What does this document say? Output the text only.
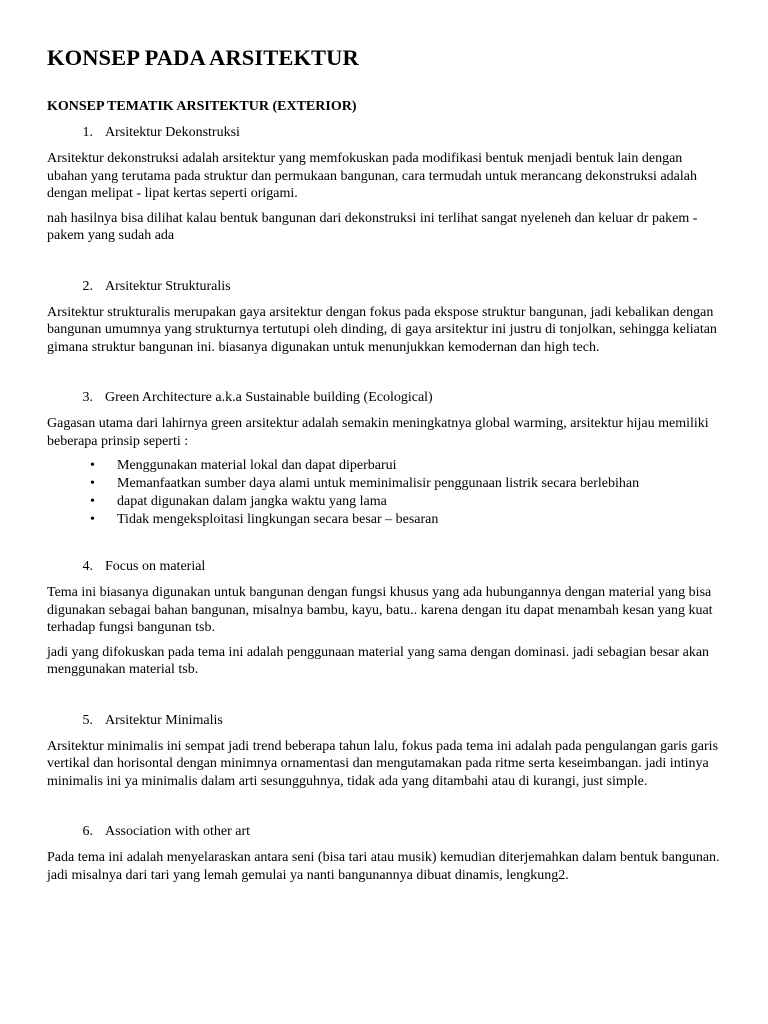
KONSEP PADA ARSITEKTUR
KONSEP TEMATIK ARSITEKTUR (EXTERIOR)
1. Arsitektur Dekonstruksi

Arsitektur dekonstruksi adalah arsitektur yang memfokuskan pada modifikasi bentuk menjadi bentuk lain dengan ubahan yang terutama pada struktur dan permukaan bangunan, cara termudah untuk merancang dekonstruksi adalah dengan melipat - lipat kertas seperti origami.

nah hasilnya bisa dilihat kalau bentuk bangunan dari dekonstruksi ini terlihat sangat nyeleneh dan keluar dr pakem - pakem yang sudah ada

2. Arsitektur Strukturalis

Arsitektur strukturalis merupakan gaya arsitektur dengan fokus pada ekspose struktur bangunan, jadi kebalikan dengan bangunan umumnya yang strukturnya tertutupi oleh dinding, di gaya arsitektur ini justru di tonjolkan, sehingga keliatan gimana struktur bangunan ini. biasanya digunakan untuk menunjukkan kemodernan dan high tech.

3. Green Architecture a.k.a Sustainable building (Ecological)

Gagasan utama dari lahirnya green arsitektur adalah semakin meningkatnya global warming, arsitektur hijau memiliki beberapa prinsip seperti :

•	Menggunakan material lokal dan dapat diperbarui
•	Memanfaatkan sumber daya alami untuk meminimalisir penggunaan listrik secara berlebihan
•	dapat digunakan dalam jangka waktu yang lama
•	Tidak mengeksploitasi lingkungan secara besar – besaran
4. Focus on material

Tema ini biasanya digunakan untuk bangunan dengan fungsi khusus yang ada hubungannya dengan material yang bisa digunakan sebagai bahan bangunan, misalnya bambu, kayu, batu.. karena dengan itu dapat menambah kesan yang kuat terhadap fungsi bangunan tsb.

jadi yang difokuskan pada tema ini adalah penggunaan material yang sama dengan dominasi. jadi sebagian besar akan menggunakan material tsb.

5. Arsitektur Minimalis

Arsitektur minimalis ini sempat jadi trend beberapa tahun lalu, fokus pada tema ini adalah pada pengulangan garis garis vertikal dan horisontal dengan minimnya ornamentasi dan mengutamakan pada ritme serta keseimbangan. jadi intinya minimalis ini ya minimalis dalam arti sesungguhnya, tidak ada yang ditambahi atau di kurangi, just simple.

6. Association with other art

Pada tema ini adalah menyelaraskan antara seni (bisa tari atau musik) kemudian diterjemahkan dalam bentuk bangunan. jadi misalnya dari tari yang lemah gemulai ya nanti bangunannya dibuat dinamis, lengkung2.
